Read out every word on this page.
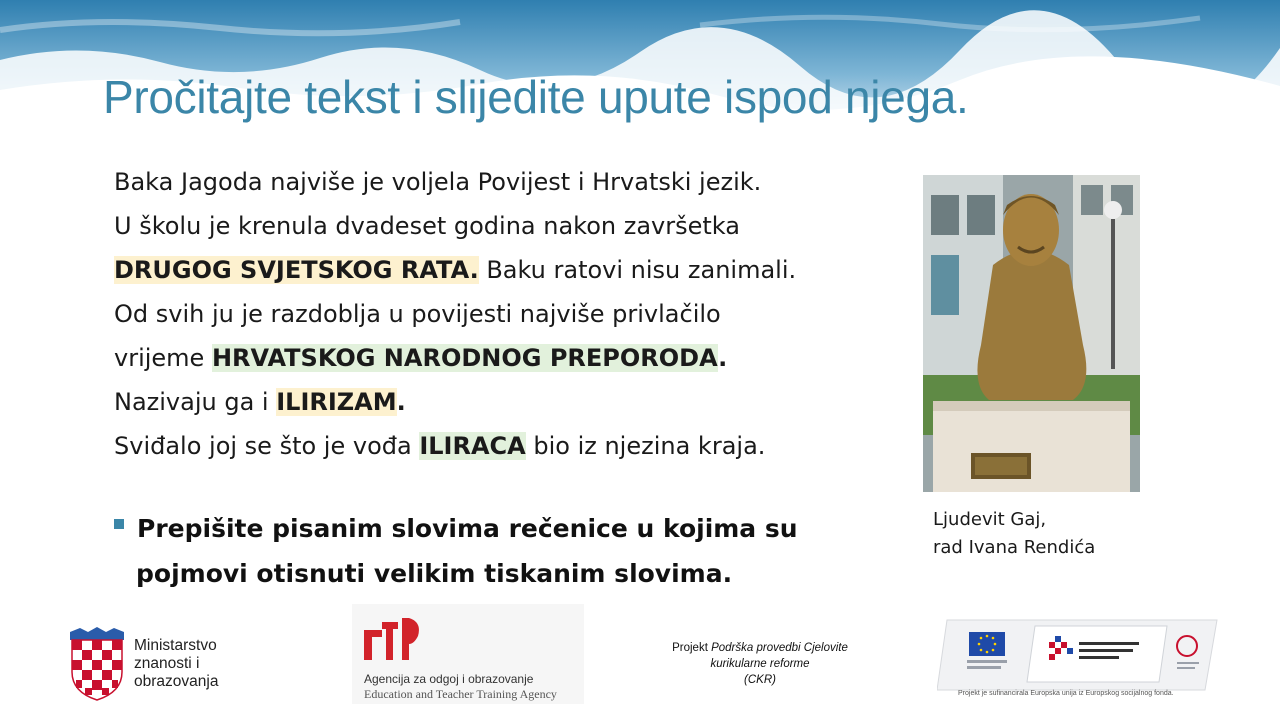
Pročitajte tekst i slijedite upute ispod njega.
Baka Jagoda najviše je voljela Povijest i Hrvatski jezik.
U školu je krenula dvadeset godina nakon završetka
DRUGOG SVJETSKOG RATA. Baku ratovi nisu zanimali.
Od svih ju je razdoblja u povijesti najviše privlačilo
vrijeme HRVATSKOG NARODNOG PREPORODA.
Nazivaju ga i ILIRIZAM.
Sviđalo joj se što je vođa ILIRACA bio iz njezina kraja.
Prepišite pisanim slovima rečenice u kojima su
pojmovi otisnuti velikim tiskanim slovima.
Ljudevit Gaj,
rad Ivana Rendića
Ministarstvo
znanosti i
obrazovanja	Agencija za odgoj i obrazovanje
Education and Teacher Training Agency
Projekt Podrška provedbi Cjelovite kurikularne reforme
(CKR)
Projekt je sufinancirala Europska unija iz Europskog socijalnog fonda.
